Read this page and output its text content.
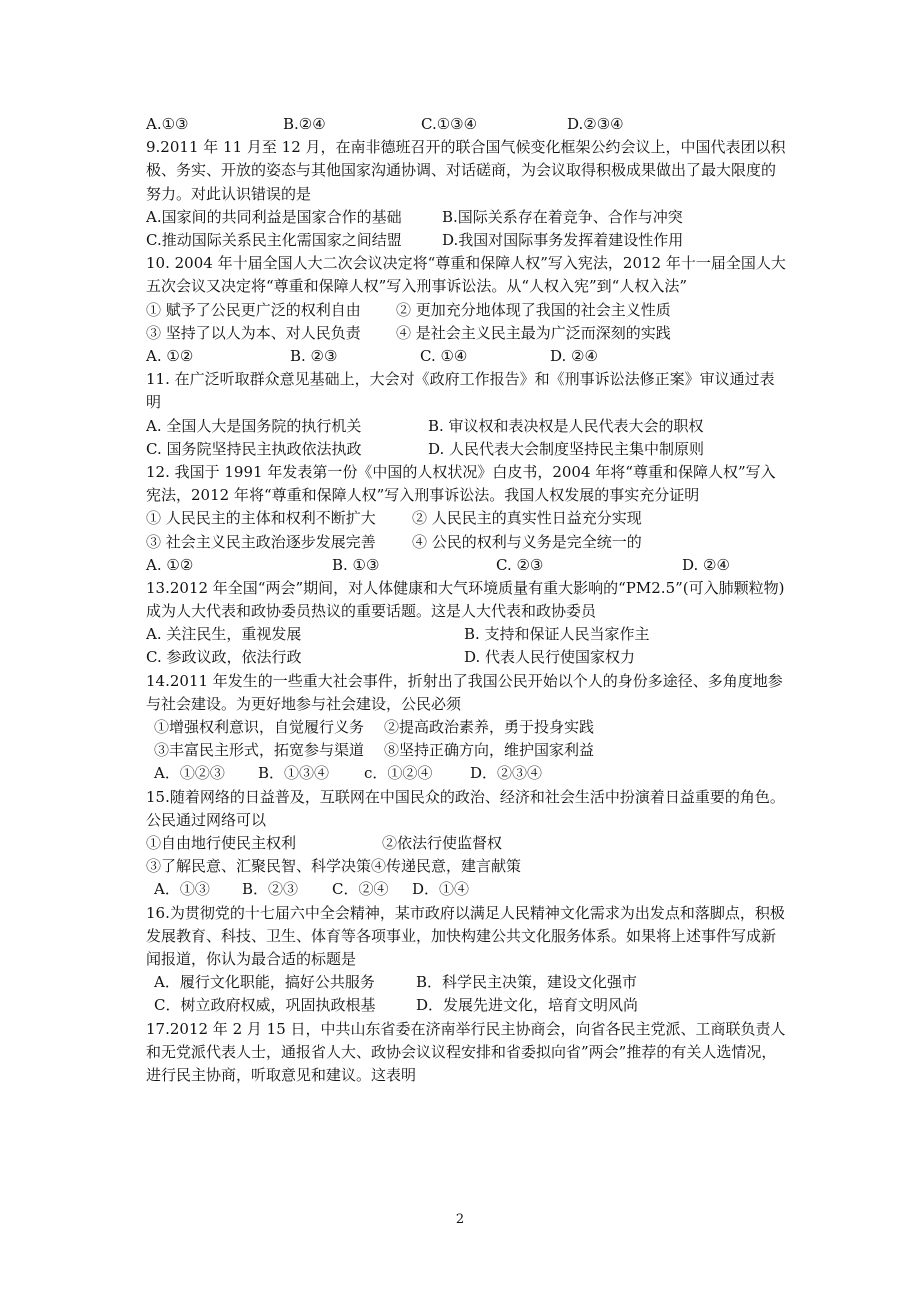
A.①③	B.②④	C.①③④	D.②③④
9.2011 年 11 月至 12 月，在南非德班召开的联合国气候变化框架公约会议上，中国代表团以积极、务实、开放的姿态与其他国家沟通协调、对话磋商，为会议取得积极成果做出了最大限度的努力。对此认识错误的是
A.国家间的共同利益是国家合作的基础	B.国际关系存在着竞争、合作与冲突
C.推动国际关系民主化需国家之间结盟	D.我国对国际事务发挥着建设性作用
10. 2004 年十届全国人大二次会议决定将“尊重和保障人权”写入宪法，2012 年十一届全国人大五次会议又决定将“尊重和保障人权”写入刑事诉讼法。从“人权入宪”到“人权入法”
① 赋予了公民更广泛的权利自由	② 更加充分地体现了我国的社会主义性质
③ 坚持了以人为本、对人民负责	④ 是社会主义民主最为广泛而深刻的实践
A. ①②	B. ②③	C. ①④	D. ②④
11. 在广泛听取群众意见基础上，大会对《政府工作报告》和《刑事诉讼法修正案》审议通过表明
A. 全国人大是国务院的执行机关	B. 审议权和表决权是人民代表大会的职权
C. 国务院坚持民主执政依法执政	D. 人民代表大会制度坚持民主集中制原则
12. 我国于 1991 年发表第一份《中国的人权状况》白皮书，2004 年将“尊重和保障人权”写入宪法，2012 年将“尊重和保障人权”写入刑事诉讼法。我国人权发展的事实充分证明
① 人民民主的主体和权利不断扩大	② 人民民主的真实性日益充分实现
③ 社会主义民主政治逐步发展完善	④ 公民的权利与义务是完全统一的
A. ①②	B. ①③	C. ②③	D. ②④
13.2012 年全国“两会”期间，对人体健康和大气环境质量有重大影响的“PM2.5”(可入肺颗粒物)成为人大代表和政协委员热议的重要话题。这是人大代表和政协委员
A. 关注民生，重视发展	B. 支持和保证人民当家作主
C. 参政议政，依法行政	D. 代表人民行使国家权力
14.2011 年发生的一些重大社会事件，折射出了我国公民开始以个人的身份多途径、多角度地参与社会建设。为更好地参与社会建设，公民必须
①增强权利意识，自觉履行义务	②提高政治素养，勇于投身实践
③丰富民主形式，拓宽参与渠道	⑧坚持正确方向，维护国家利益
A．①②③	B．①③④	c．①②④	D．②③④
15.随着网络的日益普及，互联网在中国民众的政治、经济和社会生活中扮演着日益重要的角色。公民通过网络可以
①自由地行使民主权利	②依法行使监督权
③了解民意、汇聚民智、科学决策④传递民意，建言献策
A．①③	B．②③	C．②④	D．①④
16.为贯彻党的十七届六中全会精神，某市政府以满足人民精神文化需求为出发点和落脚点，积极发展教育、科技、卫生、体育等各项事业，加快构建公共文化服务体系。如果将上述事件写成新闻报道，你认为最合适的标题是
A．履行文化职能，搞好公共服务	B．科学民主决策，建设文化强市
C．树立政府权威，巩固执政根基	D．发展先进文化，培育文明风尚
17.2012 年 2 月 15 日，中共山东省委在济南举行民主协商会，向省各民主党派、工商联负责人和无党派代表人士，通报省人大、政协会议议程安排和省委拟向省”两会”推荐的有关人选情况，进行民主协商，听取意见和建议。这表明
2
